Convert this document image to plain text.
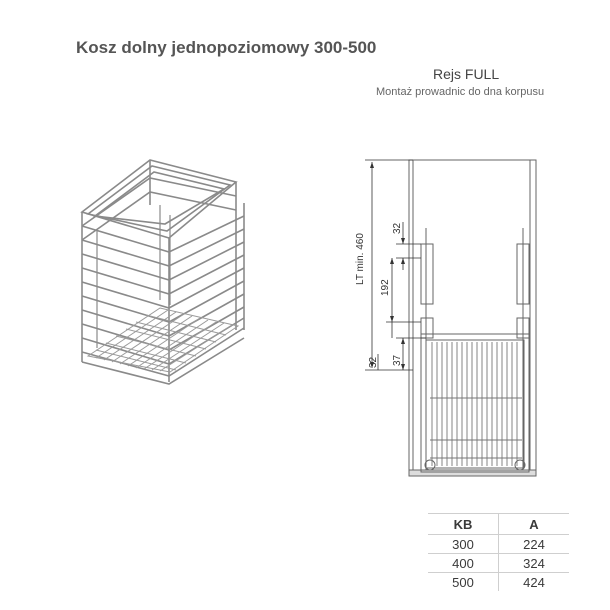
Kosz dolny jednopoziomowy 300-500
Rejs FULL
Montaż prowadnic do dna korpusu
LT min. 460
32
192
32 37
KB	A
300	224
400	324
500	424
